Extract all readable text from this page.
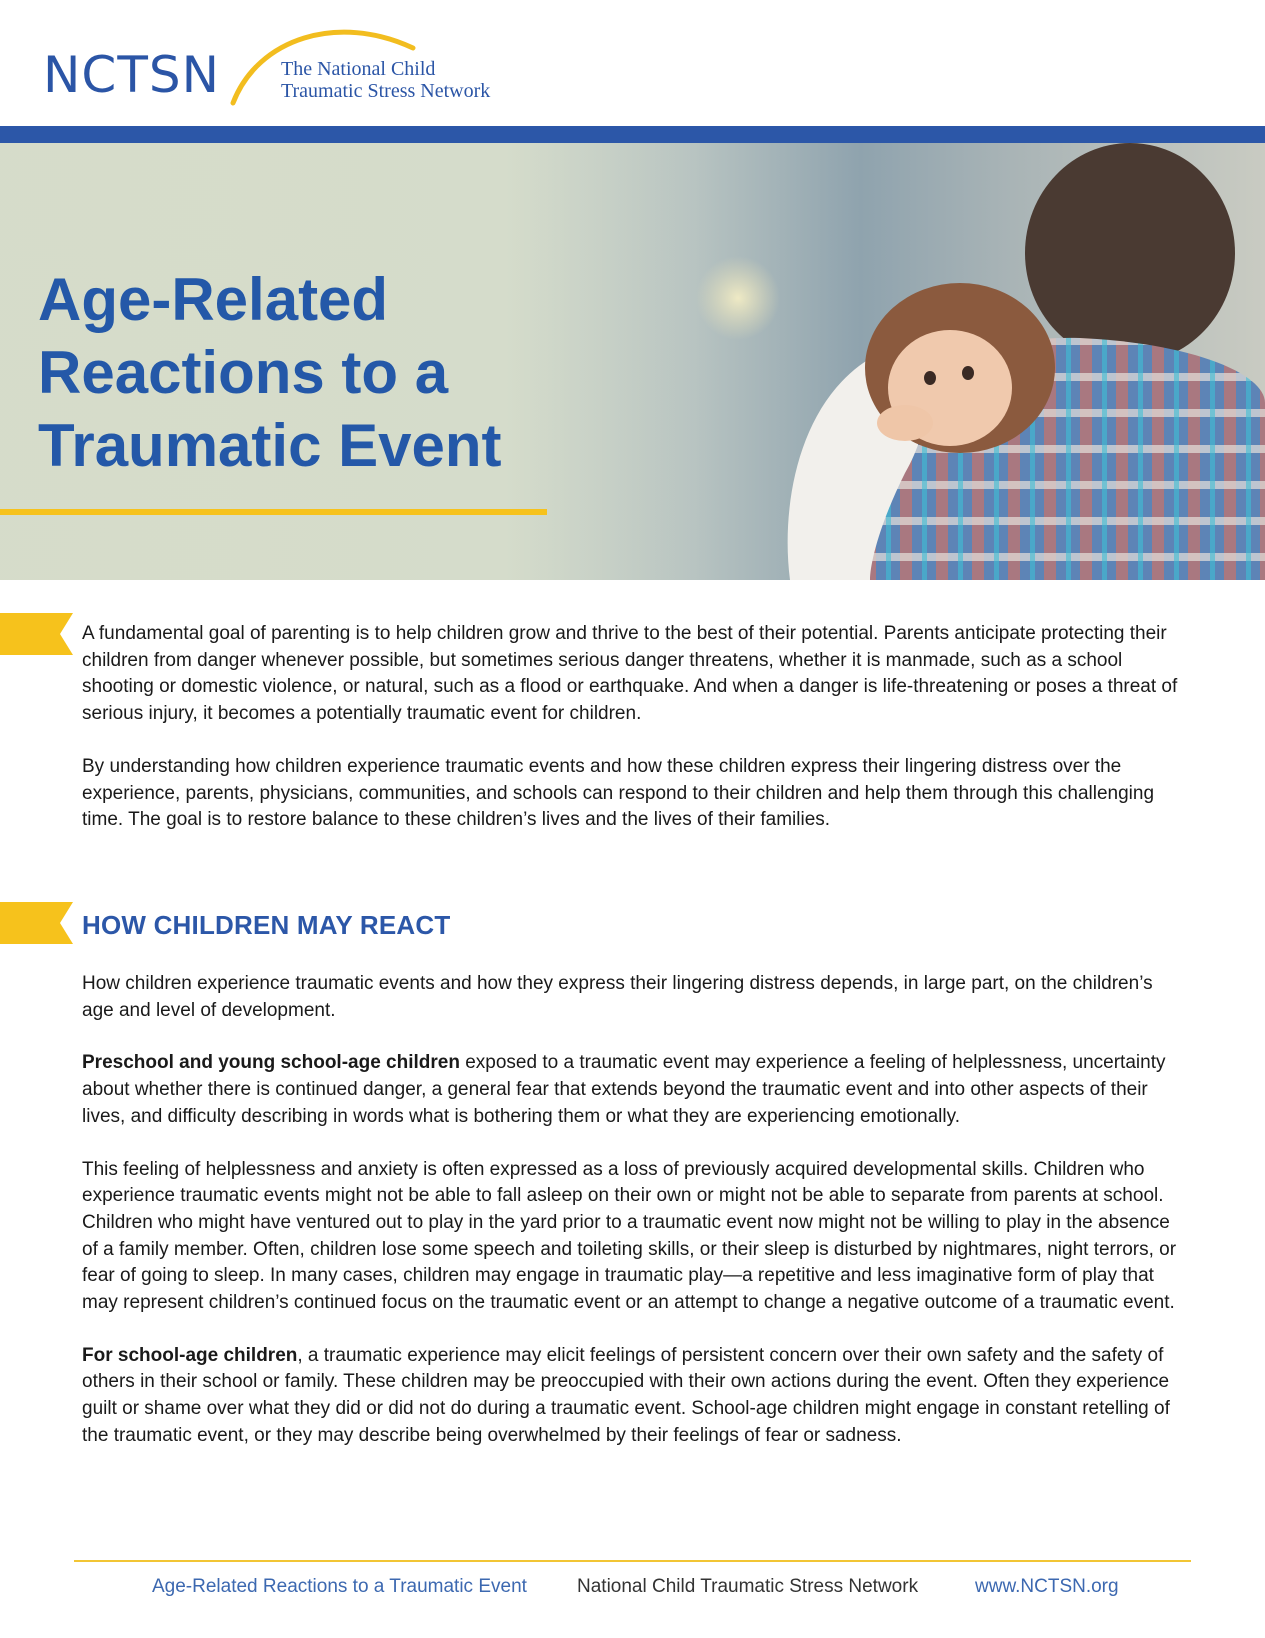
NCTSN	The National Child
Traumatic Stress Network
Age-Related
Reactions to a
Traumatic Event

A fundamental goal of parenting is to help children grow and thrive to the best of their potential. Parents anticipate protecting their children from danger whenever possible, but sometimes serious danger threatens, whether it is manmade, such as a school shooting or domestic violence, or natural, such as a flood or earthquake. And when a danger is life-threatening or poses a threat of serious injury, it becomes a potentially traumatic event for children.

By understanding how children experience traumatic events and how these children express their lingering distress over the experience, parents, physicians, communities, and schools can respond to their children and help them through this challenging time. The goal is to restore balance to these children’s lives and the lives of their families.

HOW CHILDREN MAY REACT

How children experience traumatic events and how they express their lingering distress depends, in large part, on the children’s age and level of development.

Preschool and young school-age children exposed to a traumatic event may experience a feeling of helplessness, uncertainty about whether there is continued danger, a general fear that extends beyond the traumatic event and into other aspects of their lives, and difficulty describing in words what is bothering them or what they are experiencing emotionally.

This feeling of helplessness and anxiety is often expressed as a loss of previously acquired developmental skills. Children who experience traumatic events might not be able to fall asleep on their own or might not be able to separate from parents at school. Children who might have ventured out to play in the yard prior to a traumatic event now might not be willing to play in the absence of a family member. Often, children lose some speech and toileting skills, or their sleep is disturbed by nightmares, night terrors, or fear of going to sleep. In many cases, children may engage in traumatic play—a repetitive and less imaginative form of play that may represent children’s continued focus on the traumatic event or an attempt to change a negative outcome of a traumatic event.

For school-age children, a traumatic experience may elicit feelings of persistent concern over their own safety and the safety of others in their school or family. These children may be preoccupied with their own actions during the event. Often they experience guilt or shame over what they did or did not do during a traumatic event. School-age children might engage in constant retelling of the traumatic event, or they may describe being overwhelmed by their feelings of fear or sadness.

Age-Related Reactions to a Traumatic Event	National Child Traumatic Stress Network	www.NCTSN.org
